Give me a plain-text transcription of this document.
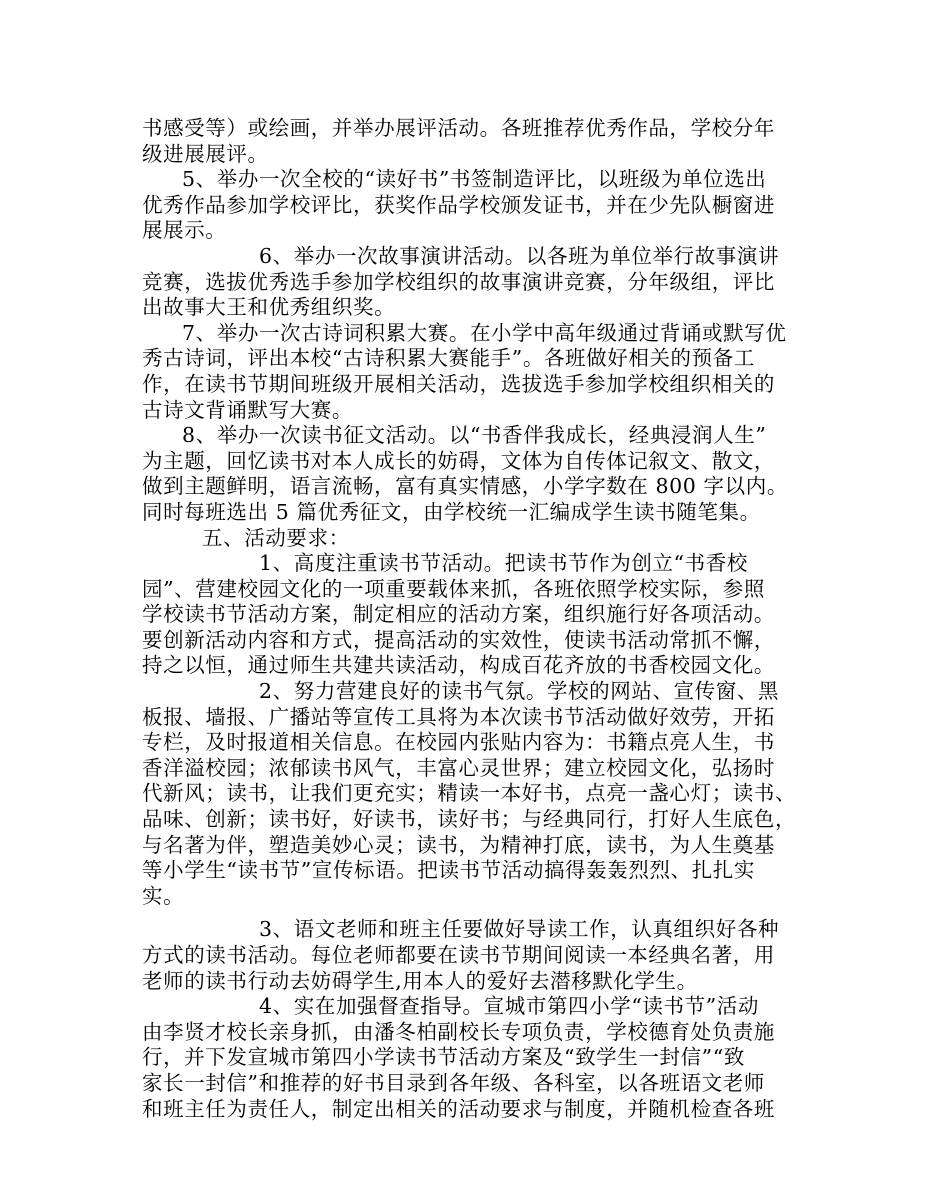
书感受等）或绘画，并举办展评活动。各班推荐优秀作品，学校分年
级进展展评。
5、举办一次全校的“读好书”书签制造评比，以班级为单位选出
优秀作品参加学校评比，获奖作品学校颁发证书，并在少先队橱窗进
展展示。
6、举办一次故事演讲活动。以各班为单位举行故事演讲
竞赛，选拔优秀选手参加学校组织的故事演讲竞赛，分年级组，评比
出故事大王和优秀组织奖。
7、举办一次古诗词积累大赛。在小学中高年级通过背诵或默写优
秀古诗词，评出本校“古诗积累大赛能手”。各班做好相关的预备工
作，在读书节期间班级开展相关活动，选拔选手参加学校组织相关的
古诗文背诵默写大赛。
8、举办一次读书征文活动。以“书香伴我成长，经典浸润人生”
为主题，回忆读书对本人成长的妨碍，文体为自传体记叙文、散文，
做到主题鲜明，语言流畅，富有真实情感，小学字数在 800 字以内。
同时每班选出 5 篇优秀征文，由学校统一汇编成学生读书随笔集。
五、活动要求：
1、高度注重读书节活动。把读书节作为创立“书香校
园”、营建校园文化的一项重要载体来抓，各班依照学校实际，参照
学校读书节活动方案，制定相应的活动方案，组织施行好各项活动。
要创新活动内容和方式，提高活动的实效性，使读书活动常抓不懈，
持之以恒，通过师生共建共读活动，构成百花齐放的书香校园文化。
2、努力营建良好的读书气氛。学校的网站、宣传窗、黑
板报、墙报、广播站等宣传工具将为本次读书节活动做好效劳，开拓
专栏，及时报道相关信息。在校园内张贴内容为：书籍点亮人生，书
香洋溢校园；浓郁读书风气，丰富心灵世界；建立校园文化，弘扬时
代新风；读书，让我们更充实；精读一本好书，点亮一盏心灯；读书、
品味、创新；读书好，好读书，读好书；与经典同行，打好人生底色，
与名著为伴，塑造美妙心灵；读书，为精神打底，读书，为人生奠基
等小学生“读书节”宣传标语。把读书节活动搞得轰轰烈烈、扎扎实
实。
3、语文老师和班主任要做好导读工作，认真组织好各种
方式的读书活动。每位老师都要在读书节期间阅读一本经典名著，用
老师的读书行动去妨碍学生,用本人的爱好去潜移默化学生。
4、实在加强督查指导。宣城市第四小学“读书节”活动
由李贤才校长亲身抓，由潘冬柏副校长专项负责，学校德育处负责施
行，并下发宣城市第四小学读书节活动方案及“致学生一封信”“致
家长一封信”和推荐的好书目录到各年级、各科室，以各班语文老师
和班主任为责任人，制定出相关的活动要求与制度，并随机检查各班
